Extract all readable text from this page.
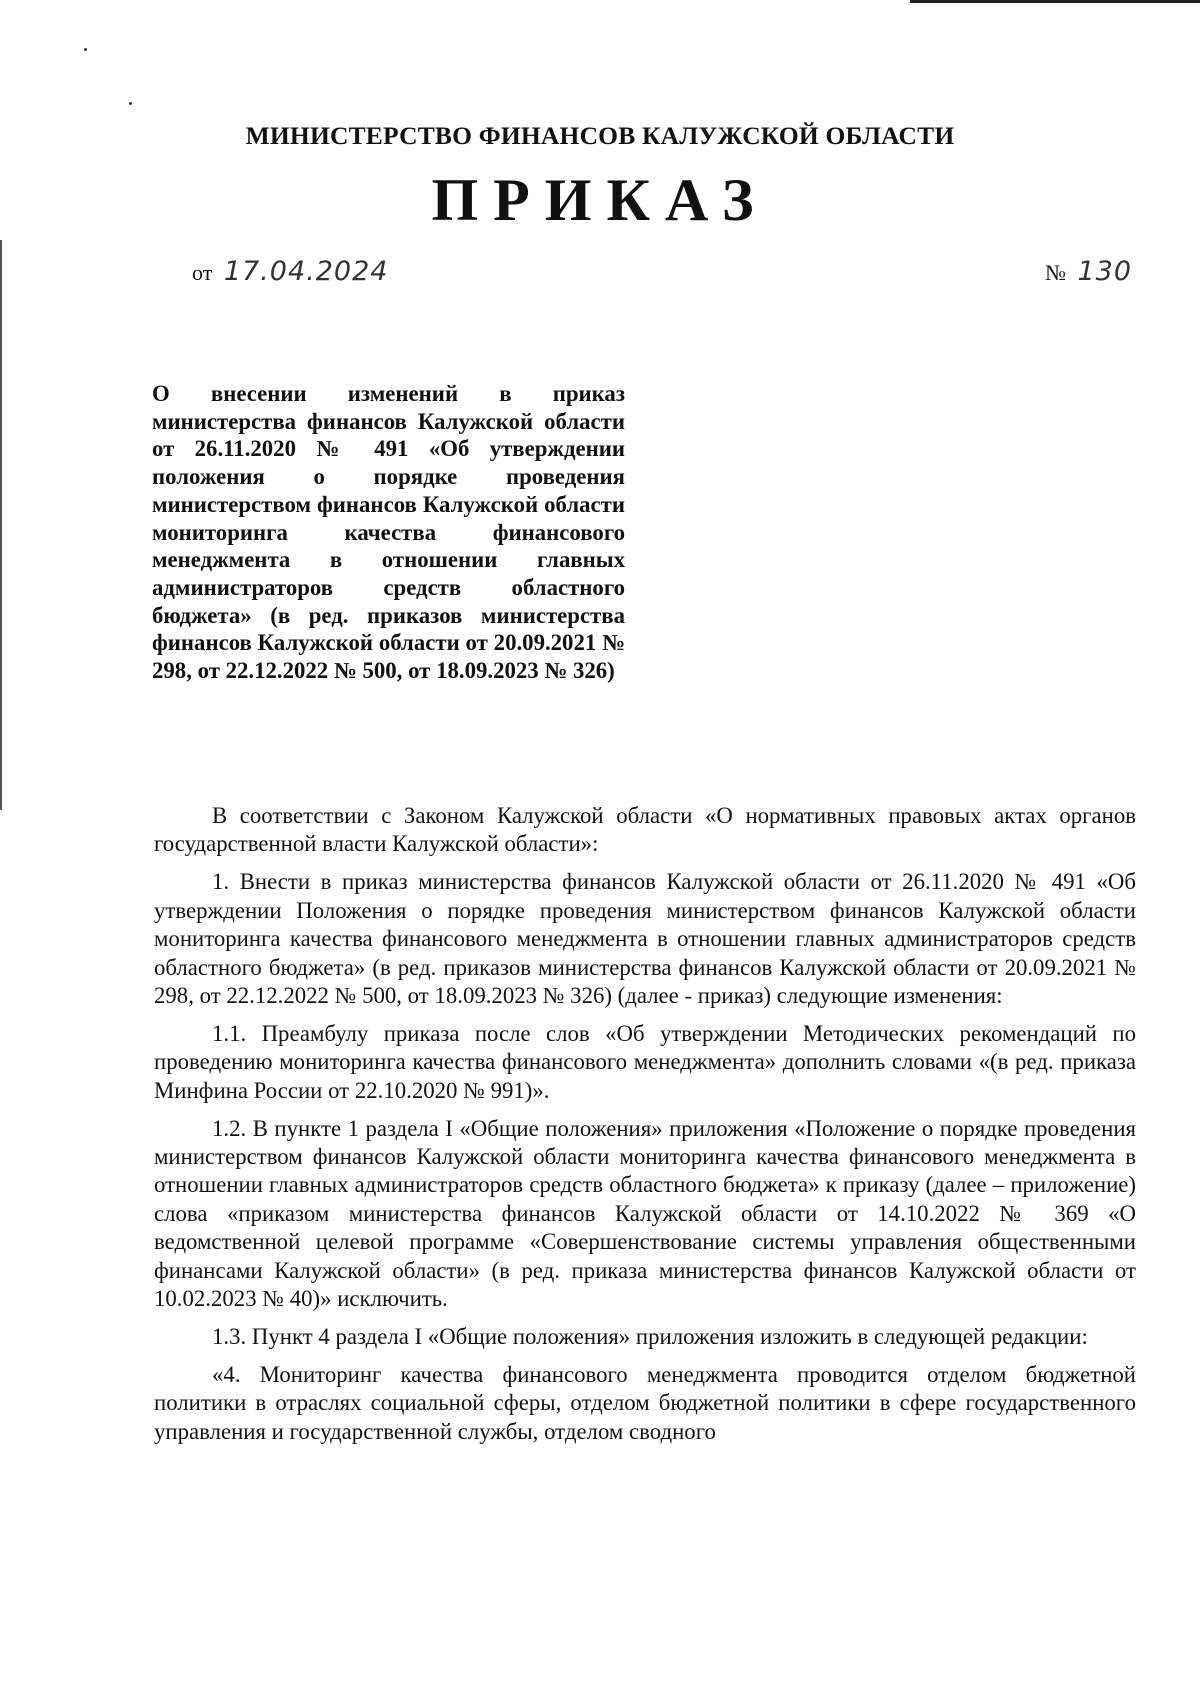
МИНИСТЕРСТВО ФИНАНСОВ КАЛУЖСКОЙ ОБЛАСТИ
ПРИКАЗ
от 17.04.2024	№ 130
О внесении изменений в приказ министерства финансов Калужской области от 26.11.2020 № 491 «Об утверждении положения о порядке проведения министерством финансов Калужской области мониторинга качества финансового менеджмента в отношении главных администраторов средств областного бюджета» (в ред. приказов министерства финансов Калужской области от 20.09.2021 № 298, от 22.12.2022 № 500, от 18.09.2023 № 326)

В соответствии с Законом Калужской области «О нормативных правовых актах органов государственной власти Калужской области»:

1. Внести в приказ министерства финансов Калужской области от 26.11.2020 № 491 «Об утверждении Положения о порядке проведения министерством финансов Калужской области мониторинга качества финансового менеджмента в отношении главных администраторов средств областного бюджета» (в ред. приказов министерства финансов Калужской области от 20.09.2021 № 298, от 22.12.2022 № 500, от 18.09.2023 № 326) (далее - приказ) следующие изменения:

1.1. Преамбулу приказа после слов «Об утверждении Методических рекомендаций по проведению мониторинга качества финансового менеджмента» дополнить словами «(в ред. приказа Минфина России от 22.10.2020 № 991)».

1.2. В пункте 1 раздела I «Общие положения» приложения «Положение о порядке проведения министерством финансов Калужской области мониторинга качества финансового менеджмента в отношении главных администраторов средств областного бюджета» к приказу (далее – приложение) слова «приказом министерства финансов Калужской области от 14.10.2022 № 369 «О ведомственной целевой программе «Совершенствование системы управления общественными финансами Калужской области» (в ред. приказа министерства финансов Калужской области от 10.02.2023 № 40)» исключить.

1.3. Пункт 4 раздела I «Общие положения» приложения изложить в следующей редакции:

«4. Мониторинг качества финансового менеджмента проводится отделом бюджетной политики в отраслях социальной сферы, отделом бюджетной политики в сфере государственного управления и государственной службы, отделом сводного
